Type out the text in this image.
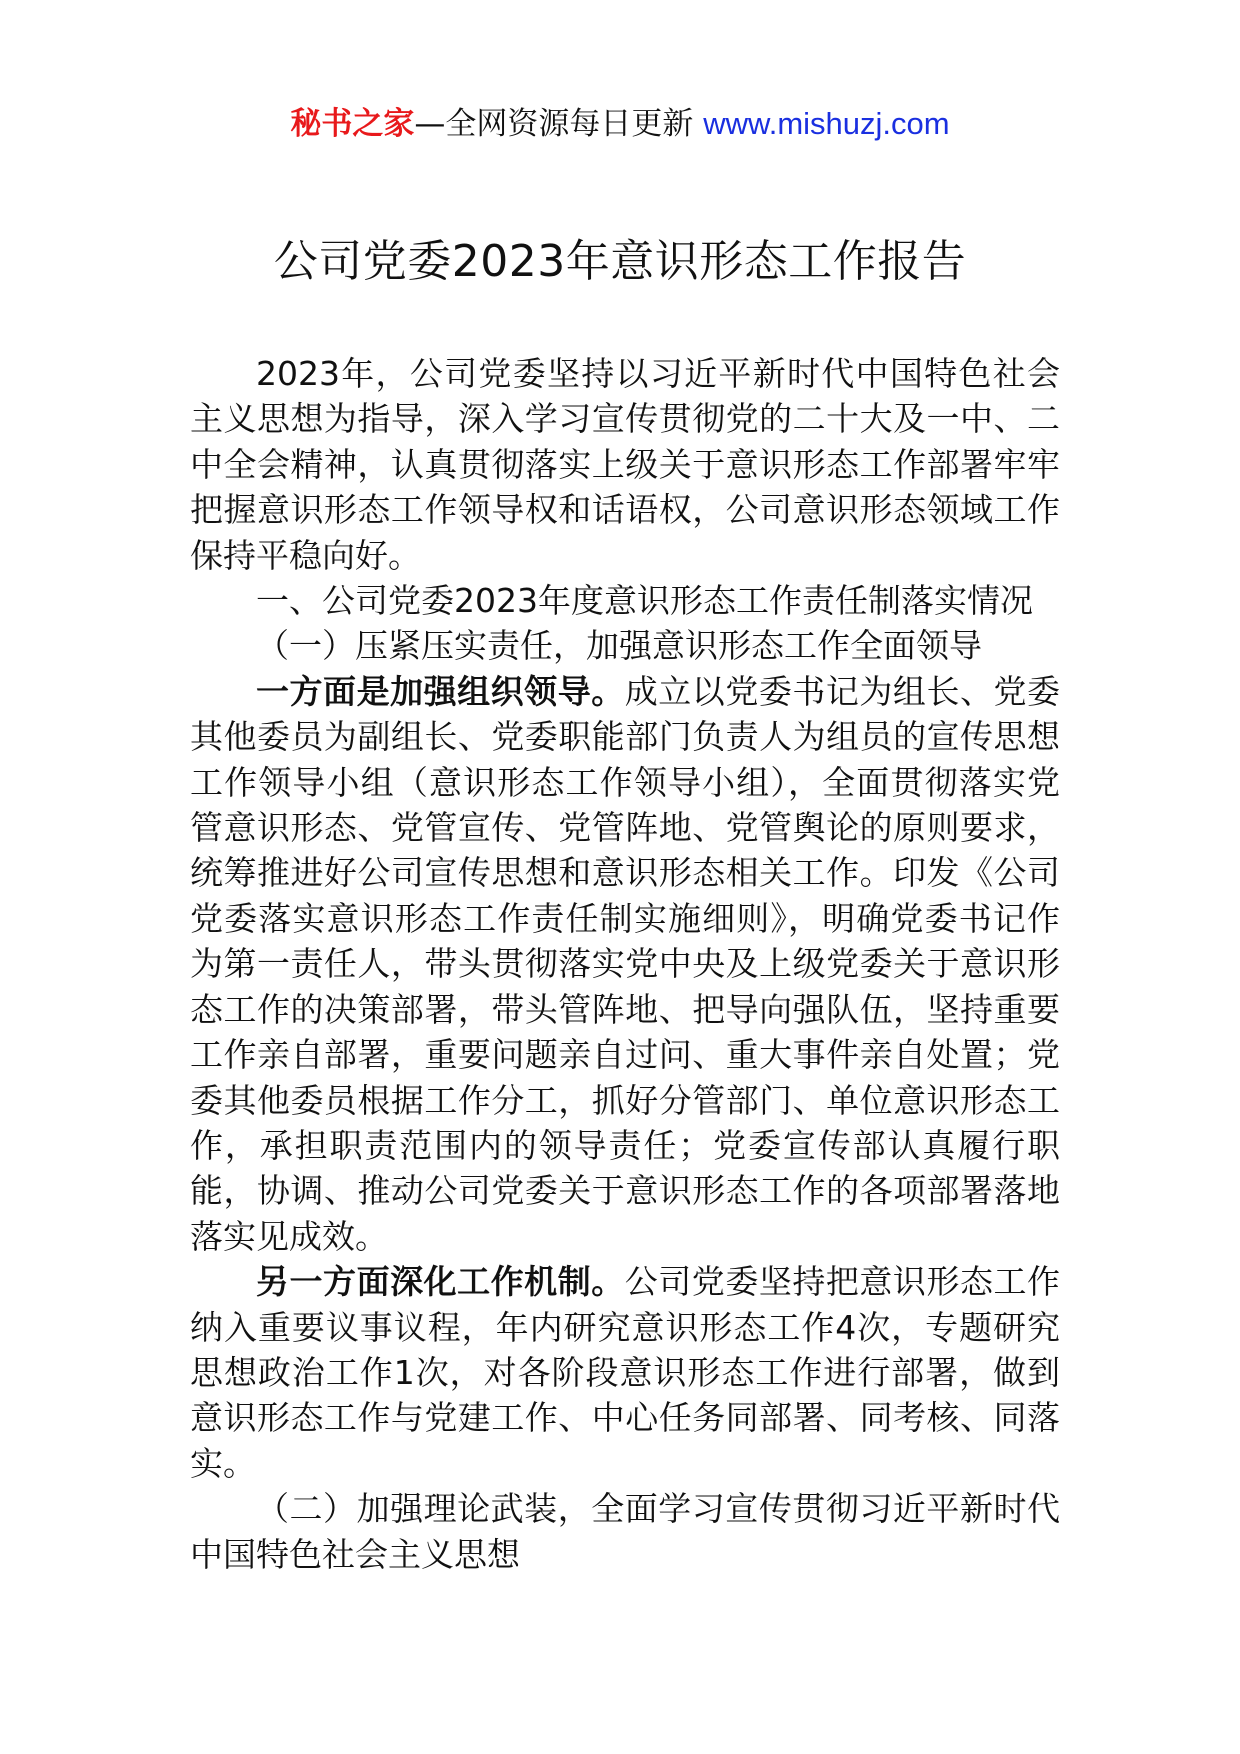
秘书之家—全网资源每日更新 www.mishuzj.com
公司党委2023年意识形态工作报告

2023年，公司党委坚持以习近平新时代中国特色社会主义思想为指导，深入学习宣传贯彻党的二十大及一中、二中全会精神，认真贯彻落实上级关于意识形态工作部署牢牢把握意识形态工作领导权和话语权，公司意识形态领域工作保持平稳向好。

一、公司党委2023年度意识形态工作责任制落实情况

（一）压紧压实责任，加强意识形态工作全面领导

一方面是加强组织领导。成立以党委书记为组长、党委其他委员为副组长、党委职能部门负责人为组员的宣传思想工作领导小组（意识形态工作领导小组），全面贯彻落实党管意识形态、党管宣传、党管阵地、党管舆论的原则要求，统筹推进好公司宣传思想和意识形态相关工作。印发《公司党委落实意识形态工作责任制实施细则》，明确党委书记作为第一责任人，带头贯彻落实党中央及上级党委关于意识形态工作的决策部署，带头管阵地、把导向强队伍，坚持重要工作亲自部署，重要问题亲自过问、重大事件亲自处置；党委其他委员根据工作分工，抓好分管部门、单位意识形态工作，承担职责范围内的领导责任；党委宣传部认真履行职能，协调、推动公司党委关于意识形态工作的各项部署落地落实见成效。

另一方面深化工作机制。公司党委坚持把意识形态工作纳入重要议事议程，年内研究意识形态工作4次，专题研究思想政治工作1次，对各阶段意识形态工作进行部署，做到意识形态工作与党建工作、中心任务同部署、同考核、同落实。

（二）加强理论武装，全面学习宣传贯彻习近平新时代中国特色社会主义思想
